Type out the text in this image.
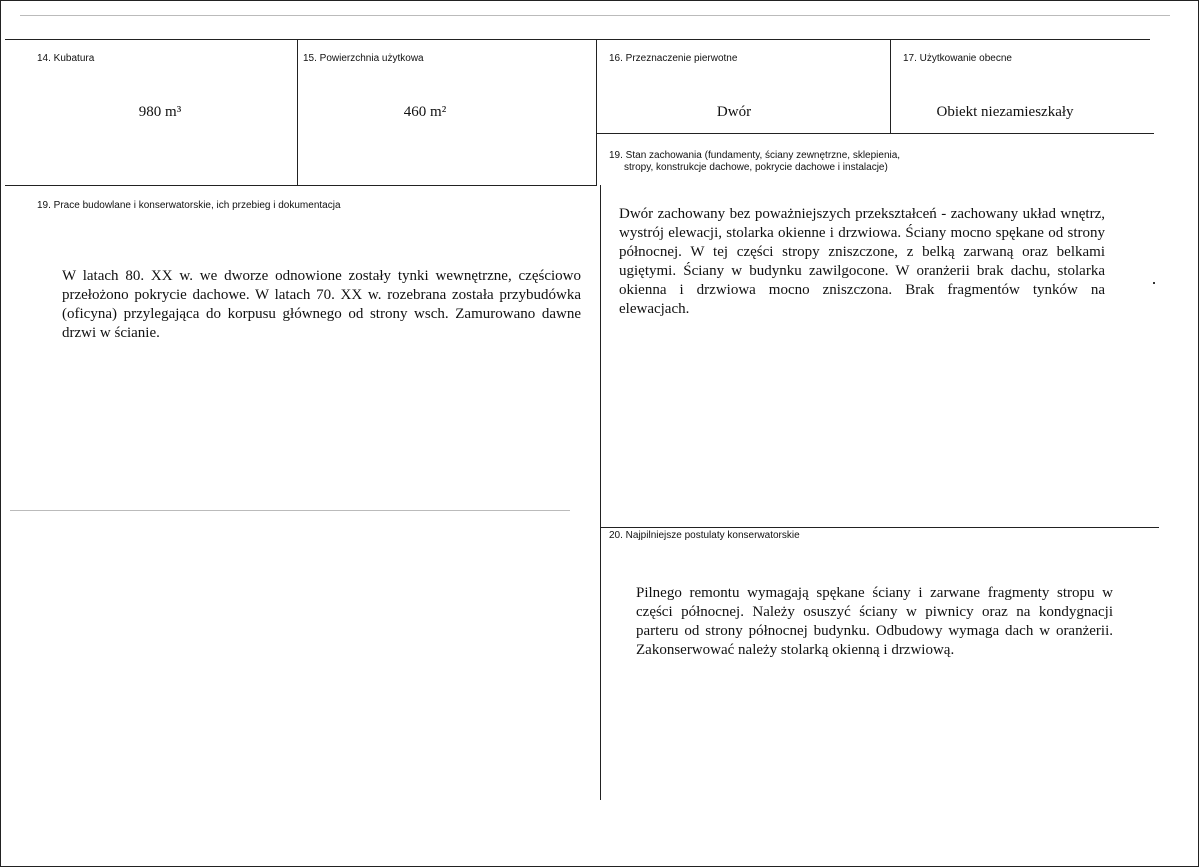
14. Kubatura
980 m³
15. Powierzchnia użytkowa
460 m²
16. Przeznaczenie pierwotne
Dwór
17. Użytkowanie obecne
Obiekt niezamieszkały
19. Stan zachowania (fundamenty, ściany zewnętrzne, sklepienia,
stropy, konstrukcje dachowe, pokrycie dachowe i instalacje)
Dwór zachowany bez poważniejszych przekształceń - zachowany układ wnętrz, wystrój elewacji, stolarka okienne i drzwiowa. Ściany mocno spękane od strony północnej. W tej części stropy zniszczone, z belką zarwaną oraz belkami ugiętymi. Ściany w budynku zawilgocone. W oranżerii brak dachu, stolarka okienna i drzwiowa mocno zniszczona. Brak fragmentów tynków na elewacjach.
19. Prace budowlane i konserwatorskie, ich przebieg i dokumentacja
W latach 80. XX w. we dworze odnowione zostały tynki wewnętrzne, częściowo przełożono pokrycie dachowe. W latach 70. XX w. rozebrana została przybudówka (oficyna) przylegająca do korpusu głównego od strony wsch. Zamurowano dawne drzwi w ścianie.
20. Najpilniejsze postulaty konserwatorskie
Pilnego remontu wymagają spękane ściany i zarwane fragmenty stropu w części północnej. Należy osuszyć ściany w piwnicy oraz na kondygnacji parteru od strony północnej budynku. Odbudowy wymaga dach w oranżerii. Zakonserwować należy stolarką okienną i drzwiową.
